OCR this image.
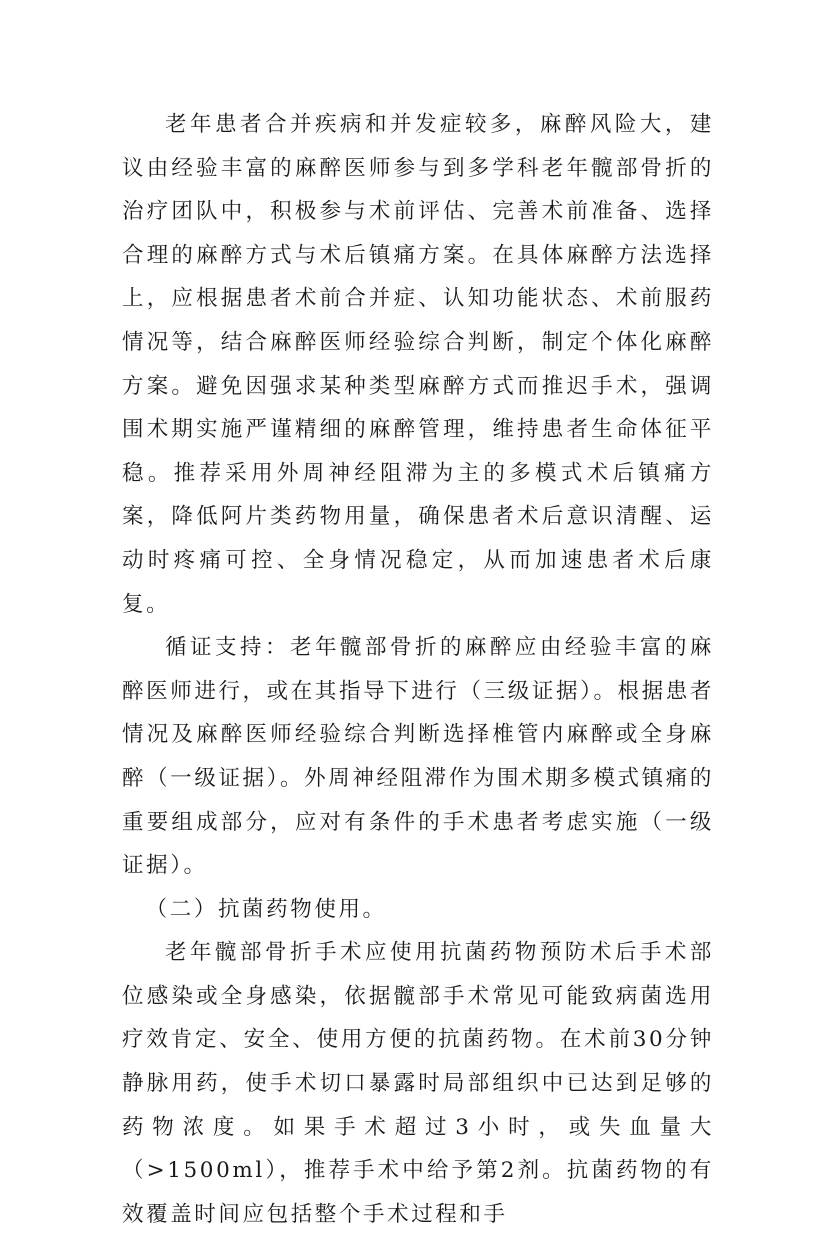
老年患者合并疾病和并发症较多，麻醉风险大，建议由经验丰富的麻醉医师参与到多学科老年髋部骨折的治疗团队中，积极参与术前评估、完善术前准备、选择合理的麻醉方式与术后镇痛方案。在具体麻醉方法选择上，应根据患者术前合并症、认知功能状态、术前服药情况等，结合麻醉医师经验综合判断，制定个体化麻醉方案。避免因强求某种类型麻醉方式而推迟手术，强调围术期实施严谨精细的麻醉管理，维持患者生命体征平稳。推荐采用外周神经阻滞为主的多模式术后镇痛方案，降低阿片类药物用量，确保患者术后意识清醒、运动时疼痛可控、全身情况稳定，从而加速患者术后康复。

循证支持：老年髋部骨折的麻醉应由经验丰富的麻醉医师进行，或在其指导下进行（三级证据）。根据患者情况及麻醉医师经验综合判断选择椎管内麻醉或全身麻醉（一级证据）。外周神经阻滞作为围术期多模式镇痛的重要组成部分，应对有条件的手术患者考虑实施（一级证据）。

（二）抗菌药物使用。

老年髋部骨折手术应使用抗菌药物预防术后手术部位感染或全身感染，依据髋部手术常见可能致病菌选用疗效肯定、安全、使用方便的抗菌药物。在术前30分钟静脉用药，使手术切口暴露时局部组织中已达到足够的药物浓度。如果手术超过3小时，或失血量大（>1500ml），推荐手术中给予第2剂。抗菌药物的有效覆盖时间应包括整个手术过程和手
